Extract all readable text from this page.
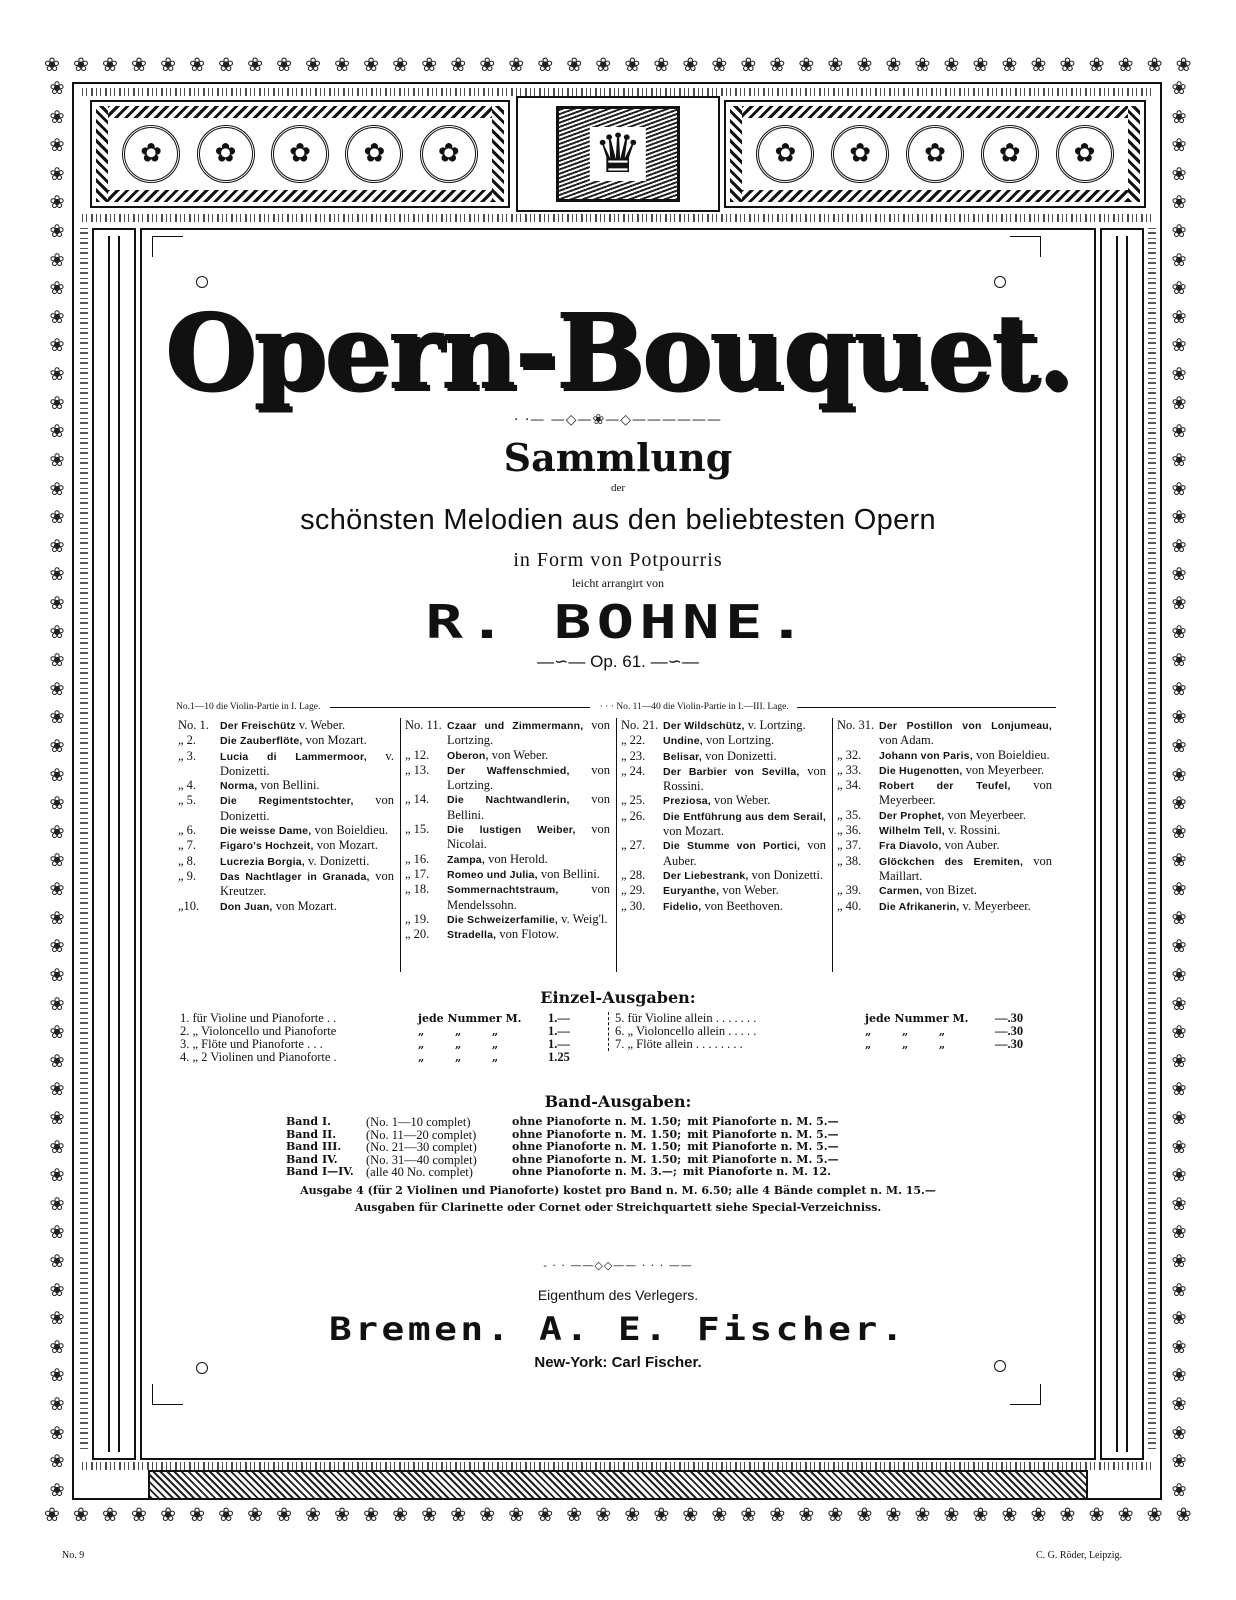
❀ ❀ ❀ ❀ ❀ ❀ ❀ ❀ ❀ ❀ ❀ ❀ ❀ ❀ ❀ ❀ ❀ ❀ ❀ ❀ ❀ ❀ ❀ ❀ ❀ ❀ ❀ ❀ ❀ ❀ ❀ ❀ ❀ ❀ ❀ ❀ ❀ ❀ ❀ ❀
❀ ❀ ❀ ❀ ❀ ❀ ❀ ❀ ❀ ❀ ❀ ❀ ❀ ❀ ❀ ❀ ❀ ❀ ❀ ❀ ❀ ❀ ❀ ❀ ❀ ❀ ❀ ❀ ❀ ❀ ❀ ❀ ❀ ❀ ❀ ❀ ❀ ❀ ❀ ❀
❀
❀
❀
❀
❀
❀
❀
❀
❀
❀
❀
❀
❀
❀
❀
❀
❀
❀
❀
❀
❀
❀
❀
❀
❀
❀
❀
❀
❀
❀
❀
❀
❀
❀
❀
❀
❀
❀
❀
❀
❀
❀
❀
❀
❀
❀
❀
❀
❀
❀
❀
❀
❀
❀
❀
❀
❀
❀
❀
❀
❀
❀
❀
❀
❀
❀
❀
❀
❀
❀
❀
❀
❀
❀
❀
❀
❀
❀
❀
❀
❀
❀
❀
❀
❀
❀
❀
❀
❀
❀
❀
❀
❀
❀
❀
❀
❀
❀
❀
❀
✿
✿
✿
✿
✿
♛
✿
✿
✿
✿
✿
Opern-Bouquet.
· ·— —◇—❀—◇——————
Sammlung
der
schönsten Melodien aus den beliebtesten Opern
in Form von Potpourris
leicht arrangirt von
R. BOHNE.
—∽— Op. 61. —∽—
No.1—10 die Violin-Partie in I. Lage.	· · · No. 11—40 die Violin-Partie in I.—III. Lage.
No. 1.	Der Freischütz v. Weber.
„ 2.	Die Zauberflöte, von Mozart.
„ 3.	Lucia di Lammermoor, v. Donizetti.
„ 4.	Norma, von Bellini.
„ 5.	Die Regimentstochter, von Donizetti.
„ 6.	Die weisse Dame, von Boieldieu.
„ 7.	Figaro's Hochzeit, von Mozart.
„ 8.	Lucrezia Borgia, v. Donizetti.
„ 9.	Das Nachtlager in Granada, von Kreutzer.
„10.	Don Juan, von Mozart.
No. 11. Czaar und Zimmermann, von Lortzing.
„ 12.	Oberon, von Weber.
„ 13.	Der Waffenschmied, von Lortzing.
„ 14.	Die Nachtwandlerin, von Bellini.
„ 15.	Die lustigen Weiber, von Nicolai.
„ 16.	Zampa, von Herold.
„ 17.	Romeo und Julia, von Bellini.
„ 18.	Sommernachtstraum, von Mendelssohn.
„ 19.	Die Schweizerfamilie, v. Weig'l.
„ 20.	Stradella, von Flotow.
No. 21. Der Wildschütz, v. Lortzing.
„ 22.	Undine, von Lortzing.
„ 23.	Belisar, von Donizetti.
„ 24.	Der Barbier von Sevilla, von Rossini.
„ 25.	Preziosa, von Weber.
„ 26.	Die Entführung aus dem Serail, von Mozart.
„ 27.	Die Stumme von Portici, von Auber.
„ 28.	Der Liebestrank, von Donizetti.
„ 29.	Euryanthe, von Weber.
„ 30.	Fidelio, von Beethoven.
No. 31. Der Postillon von Lonjumeau, von Adam.
„ 32.	Johann von Paris, von Boieldieu.
„ 33.	Die Hugenotten, von Meyerbeer.
„ 34.	Robert der Teufel, von Meyerbeer.
„ 35.	Der Prophet, von Meyerbeer.
„ 36.	Wilhelm Tell, v. Rossini.
„ 37.	Fra Diavolo, von Auber.
„ 38.	Glöckchen des Eremiten, von Maillart.
„ 39.	Carmen, von Bizet.
„ 40.	Die Afrikanerin, v. Meyerbeer.
Einzel-Ausgaben:
1. für Violine und Pianoforte . .	jede Nummer M.	1.—
2. „ Violoncello und Pianoforte	„        „        „	1.—
3. „ Flöte und Pianoforte . . .	„        „        „	1.—
4. „ 2 Violinen und Pianoforte .	„        „        „	1.25
5. für Violine allein . . . . . . .	jede Nummer M.	—.30
6. „ Violoncello allein . . . . .	„        „        „	—.30
7. „ Flöte allein . . . . . . . .	„        „        „	—.30
Band-Ausgaben:
Band I.	(No. 1—10 complet)	ohne Pianoforte n. M. 1.50; mit Pianoforte n. M. 5.—
Band II.	(No. 11—20 complet)	ohne Pianoforte n. M. 1.50; mit Pianoforte n. M. 5.—
Band III.	(No. 21—30 complet)	ohne Pianoforte n. M. 1.50; mit Pianoforte n. M. 5.—
Band IV.	(No. 31—40 complet)	ohne Pianoforte n. M. 1.50; mit Pianoforte n. M. 5.—
Band I—IV. (alle 40 No. complet)	ohne Pianoforte n. M. 3.—; mit Pianoforte n. M. 12.
Ausgabe 4 (für 2 Violinen und Pianoforte) kostet pro Band n. M. 6.50; alle 4 Bände complet n. M. 15.—
Ausgaben für Clarinette oder Cornet oder Streichquartett siehe Special-Verzeichniss.
- · · ——◇◇—— · · · ——
Eigenthum des Verlegers.
Bremen. A. E. Fischer.
New-York: Carl Fischer.
No. 9	C. G. Röder, Leipzig.
